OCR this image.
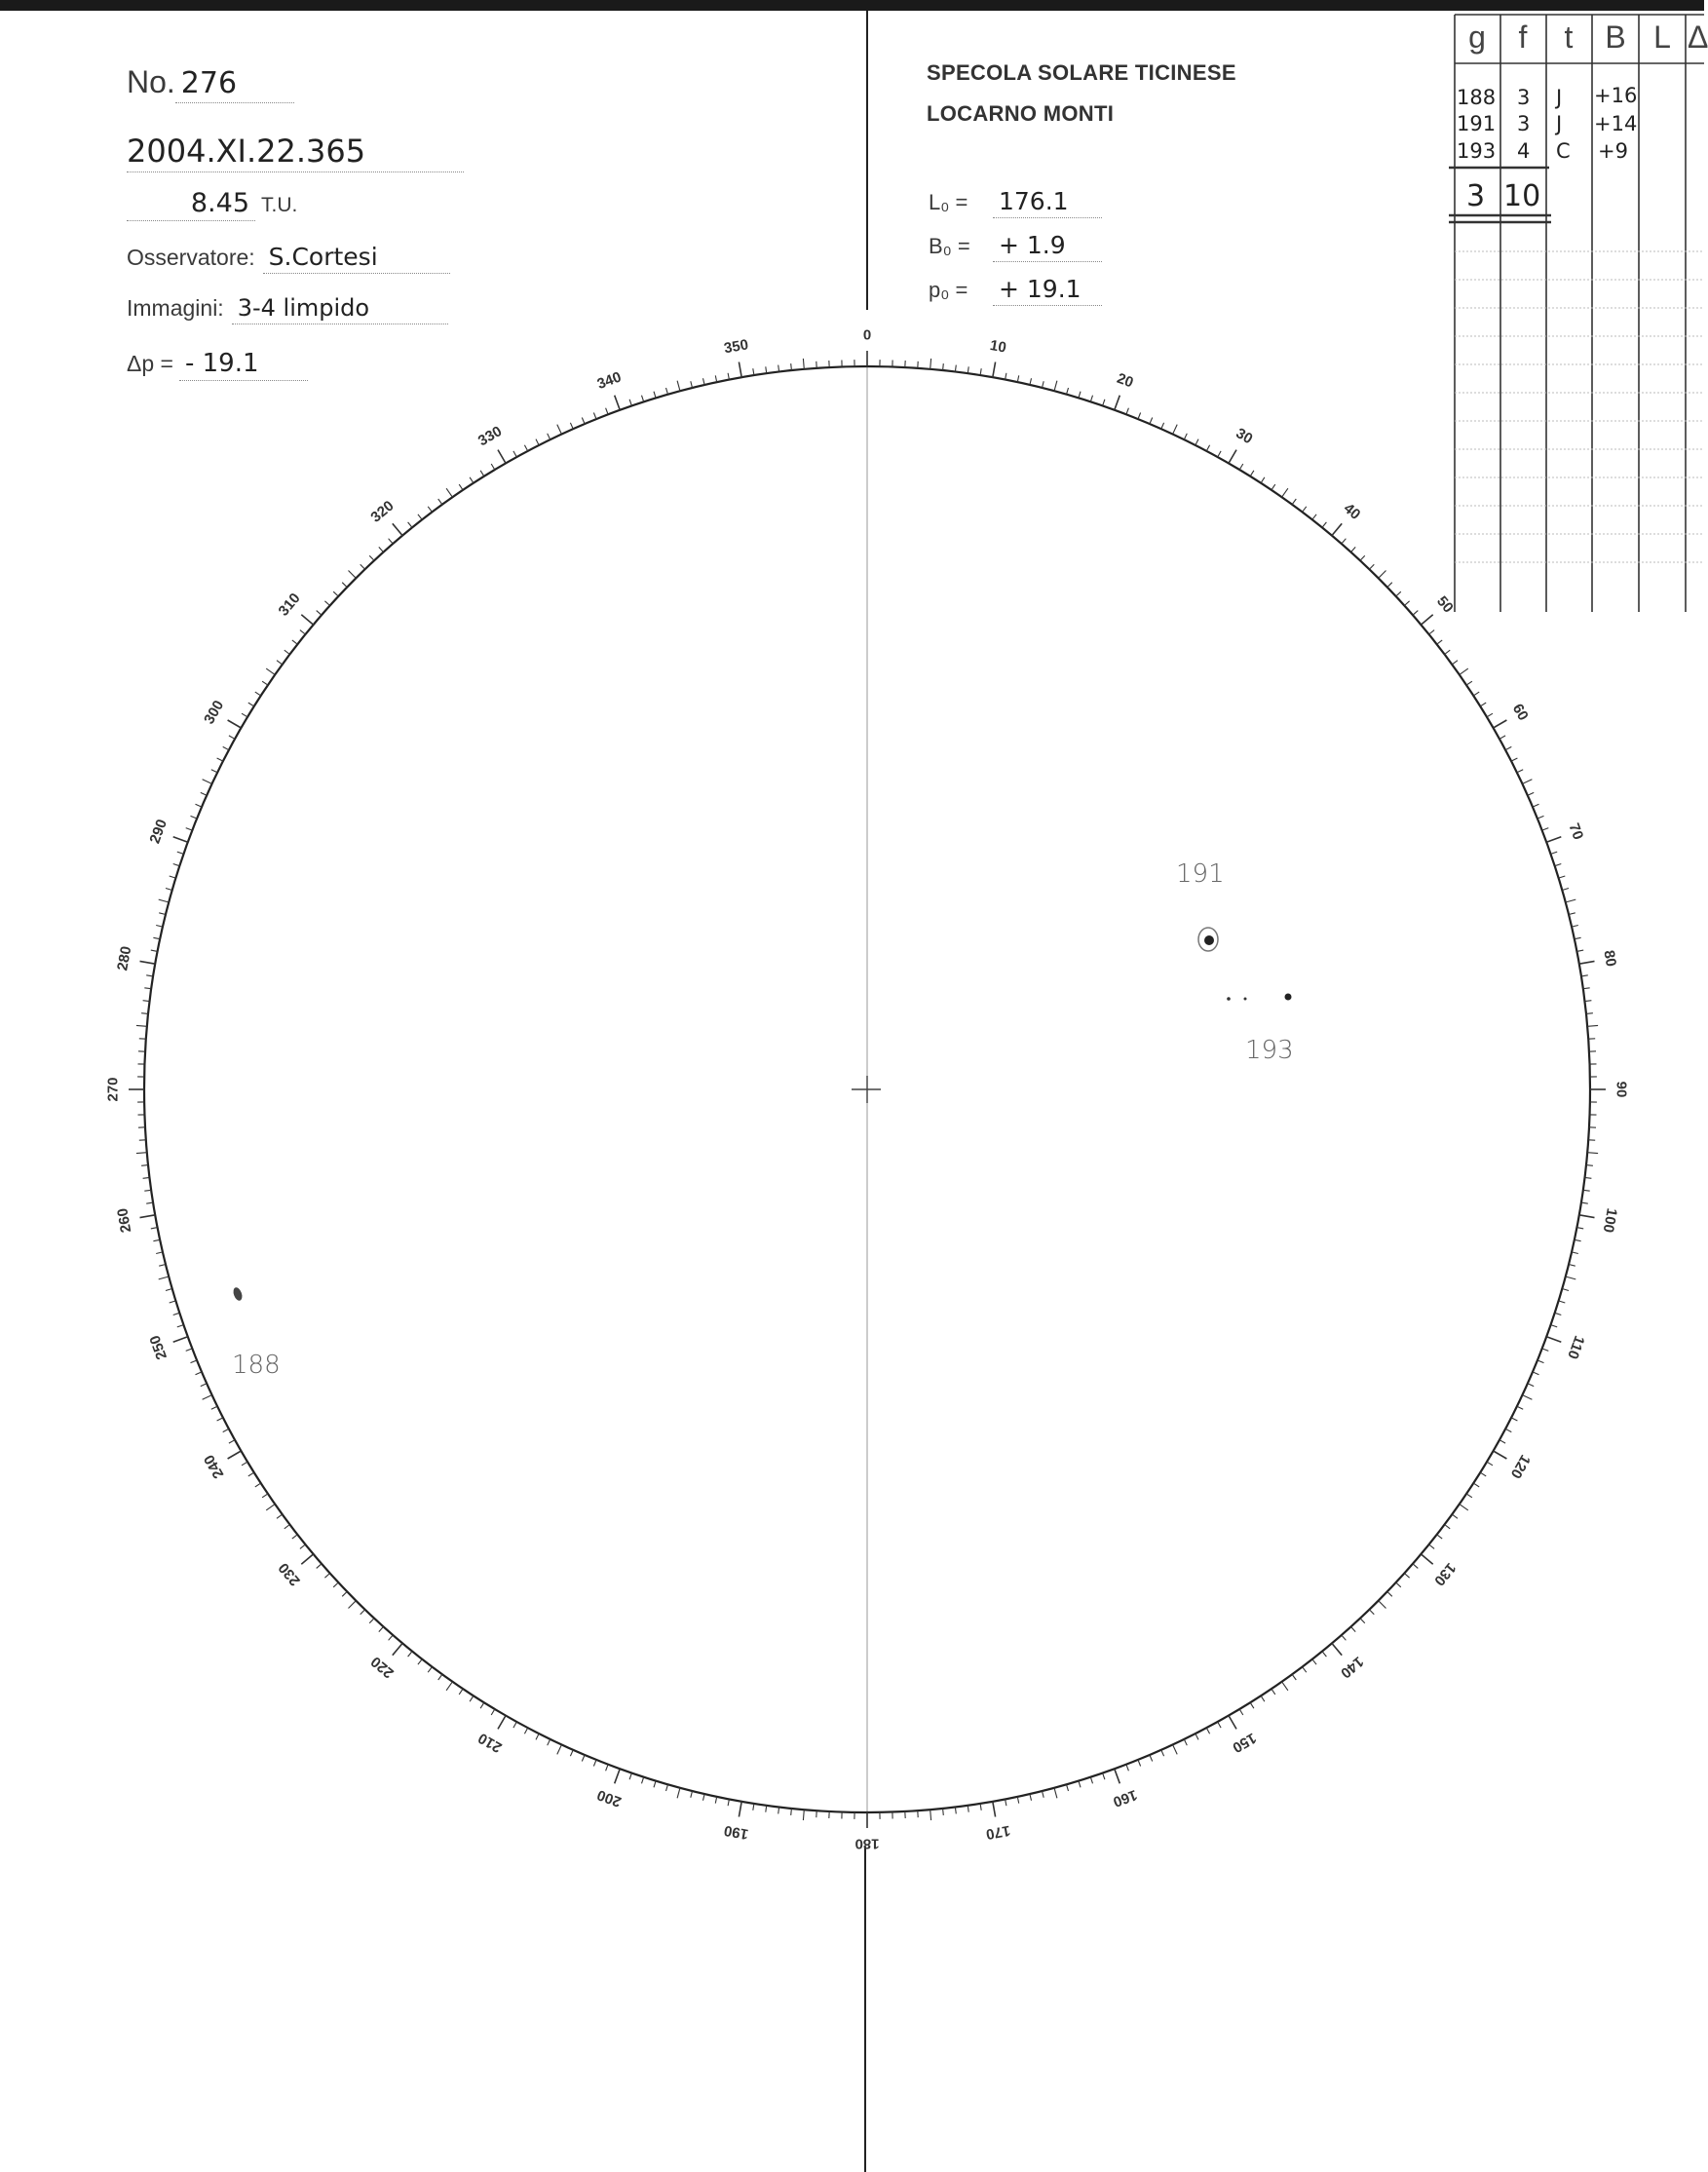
No. 276
2004.XI.22.365
8.45 T.U.
Osservatore: S.Cortesi
Immagini: 3-4 limpido
Δp = - 19.1
SPECOLA SOLARE TICINESE
LOCARNO MONTI
L₀ =	176.1
B₀ =	+ 1.9
p₀ =	+ 19.1
0
10
20
30
40
50
60
70
80
90
100
110
120
130
140
150
160
170
180
190
200
210
220
230
240
250
260
270
280
290
300
310
320
330
340
350
g	f	t	B L Δ
188 3 J +16
191 3 J +14
193 4 C +9
3 10
191
193
188
